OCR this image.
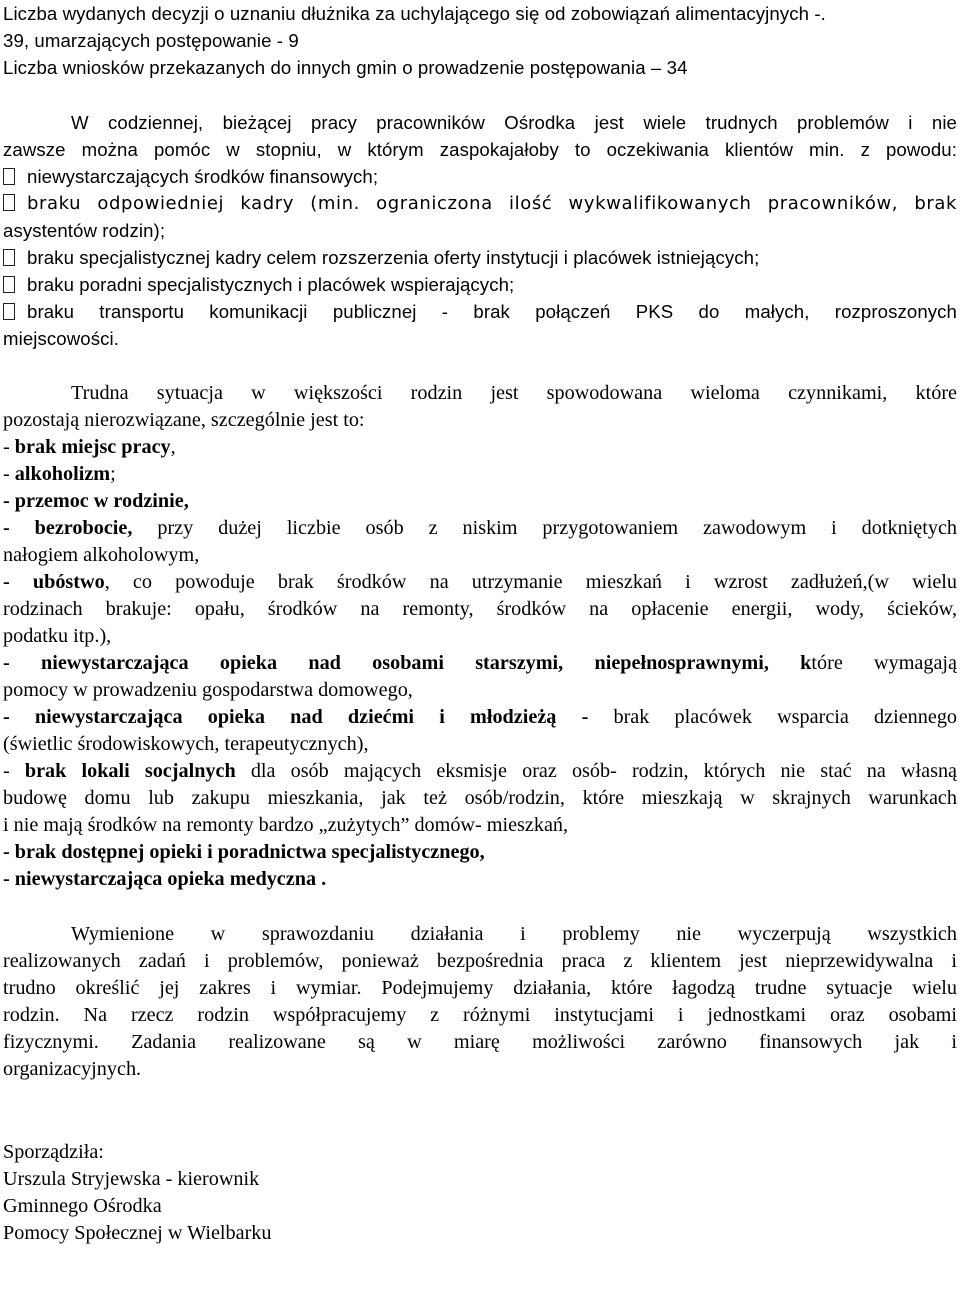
Liczba wydanych decyzji o uznaniu dłużnika za uchylającego się od zobowiązań alimentacyjnych -.
39, umarzających postępowanie - 9
Liczba wniosków przekazanych do innych gmin o prowadzenie postępowania – 34
W codziennej, bieżącej pracy pracowników Ośrodka jest wiele trudnych problemów i nie
zawsze można pomóc w stopniu, w którym zaspokajałoby to oczekiwania klientów min. z powodu:
niewystarczających środków finansowych;
braku odpowiedniej kadry (min. ograniczona ilość wykwalifikowanych pracowników, brak
asystentów rodzin);
braku specjalistycznej kadry celem rozszerzenia oferty instytucji i placówek istniejących;
braku poradni specjalistycznych i placówek wspierających;
braku transportu komunikacji publicznej - brak połączeń PKS do małych, rozproszonych
miejscowości.
Trudna sytuacja w większości rodzin jest spowodowana wieloma czynnikami, które
pozostają nierozwiązane, szczególnie jest to:
- brak miejsc pracy,
- alkoholizm;
- przemoc w rodzinie,
- bezrobocie, przy dużej liczbie osób z niskim przygotowaniem zawodowym i dotkniętych
nałogiem alkoholowym,
- ubóstwo, co powoduje brak środków na utrzymanie mieszkań i wzrost zadłużeń,(w wielu
rodzinach brakuje: opału, środków na remonty, środków na opłacenie energii, wody, ścieków,
podatku itp.),
- niewystarczająca opieka nad osobami starszymi, niepełnosprawnymi, które wymagają
pomocy w prowadzeniu gospodarstwa domowego,
- niewystarczająca opieka nad dziećmi i młodzieżą - brak placówek wsparcia dziennego
(świetlic środowiskowych, terapeutycznych),
- brak lokali socjalnych dla osób mających eksmisje oraz osób- rodzin, których nie stać na własną
budowę domu lub zakupu mieszkania, jak też osób/rodzin, które mieszkają w skrajnych warunkach
i nie mają środków na remonty bardzo „zużytych” domów- mieszkań,
- brak dostępnej opieki i poradnictwa specjalistycznego,
- niewystarczająca opieka medyczna .
Wymienione w sprawozdaniu działania i problemy nie wyczerpują wszystkich
realizowanych zadań i problemów, ponieważ bezpośrednia praca z klientem jest nieprzewidywalna i
trudno określić jej zakres i wymiar. Podejmujemy działania, które łagodzą trudne sytuacje wielu
rodzin. Na rzecz rodzin współpracujemy z różnymi instytucjami i jednostkami oraz osobami
fizycznymi. Zadania realizowane są w miarę możliwości zarówno finansowych jak i
organizacyjnych.
Sporządziła:
Urszula Stryjewska - kierownik
Gminnego Ośrodka
Pomocy Społecznej w Wielbarku
